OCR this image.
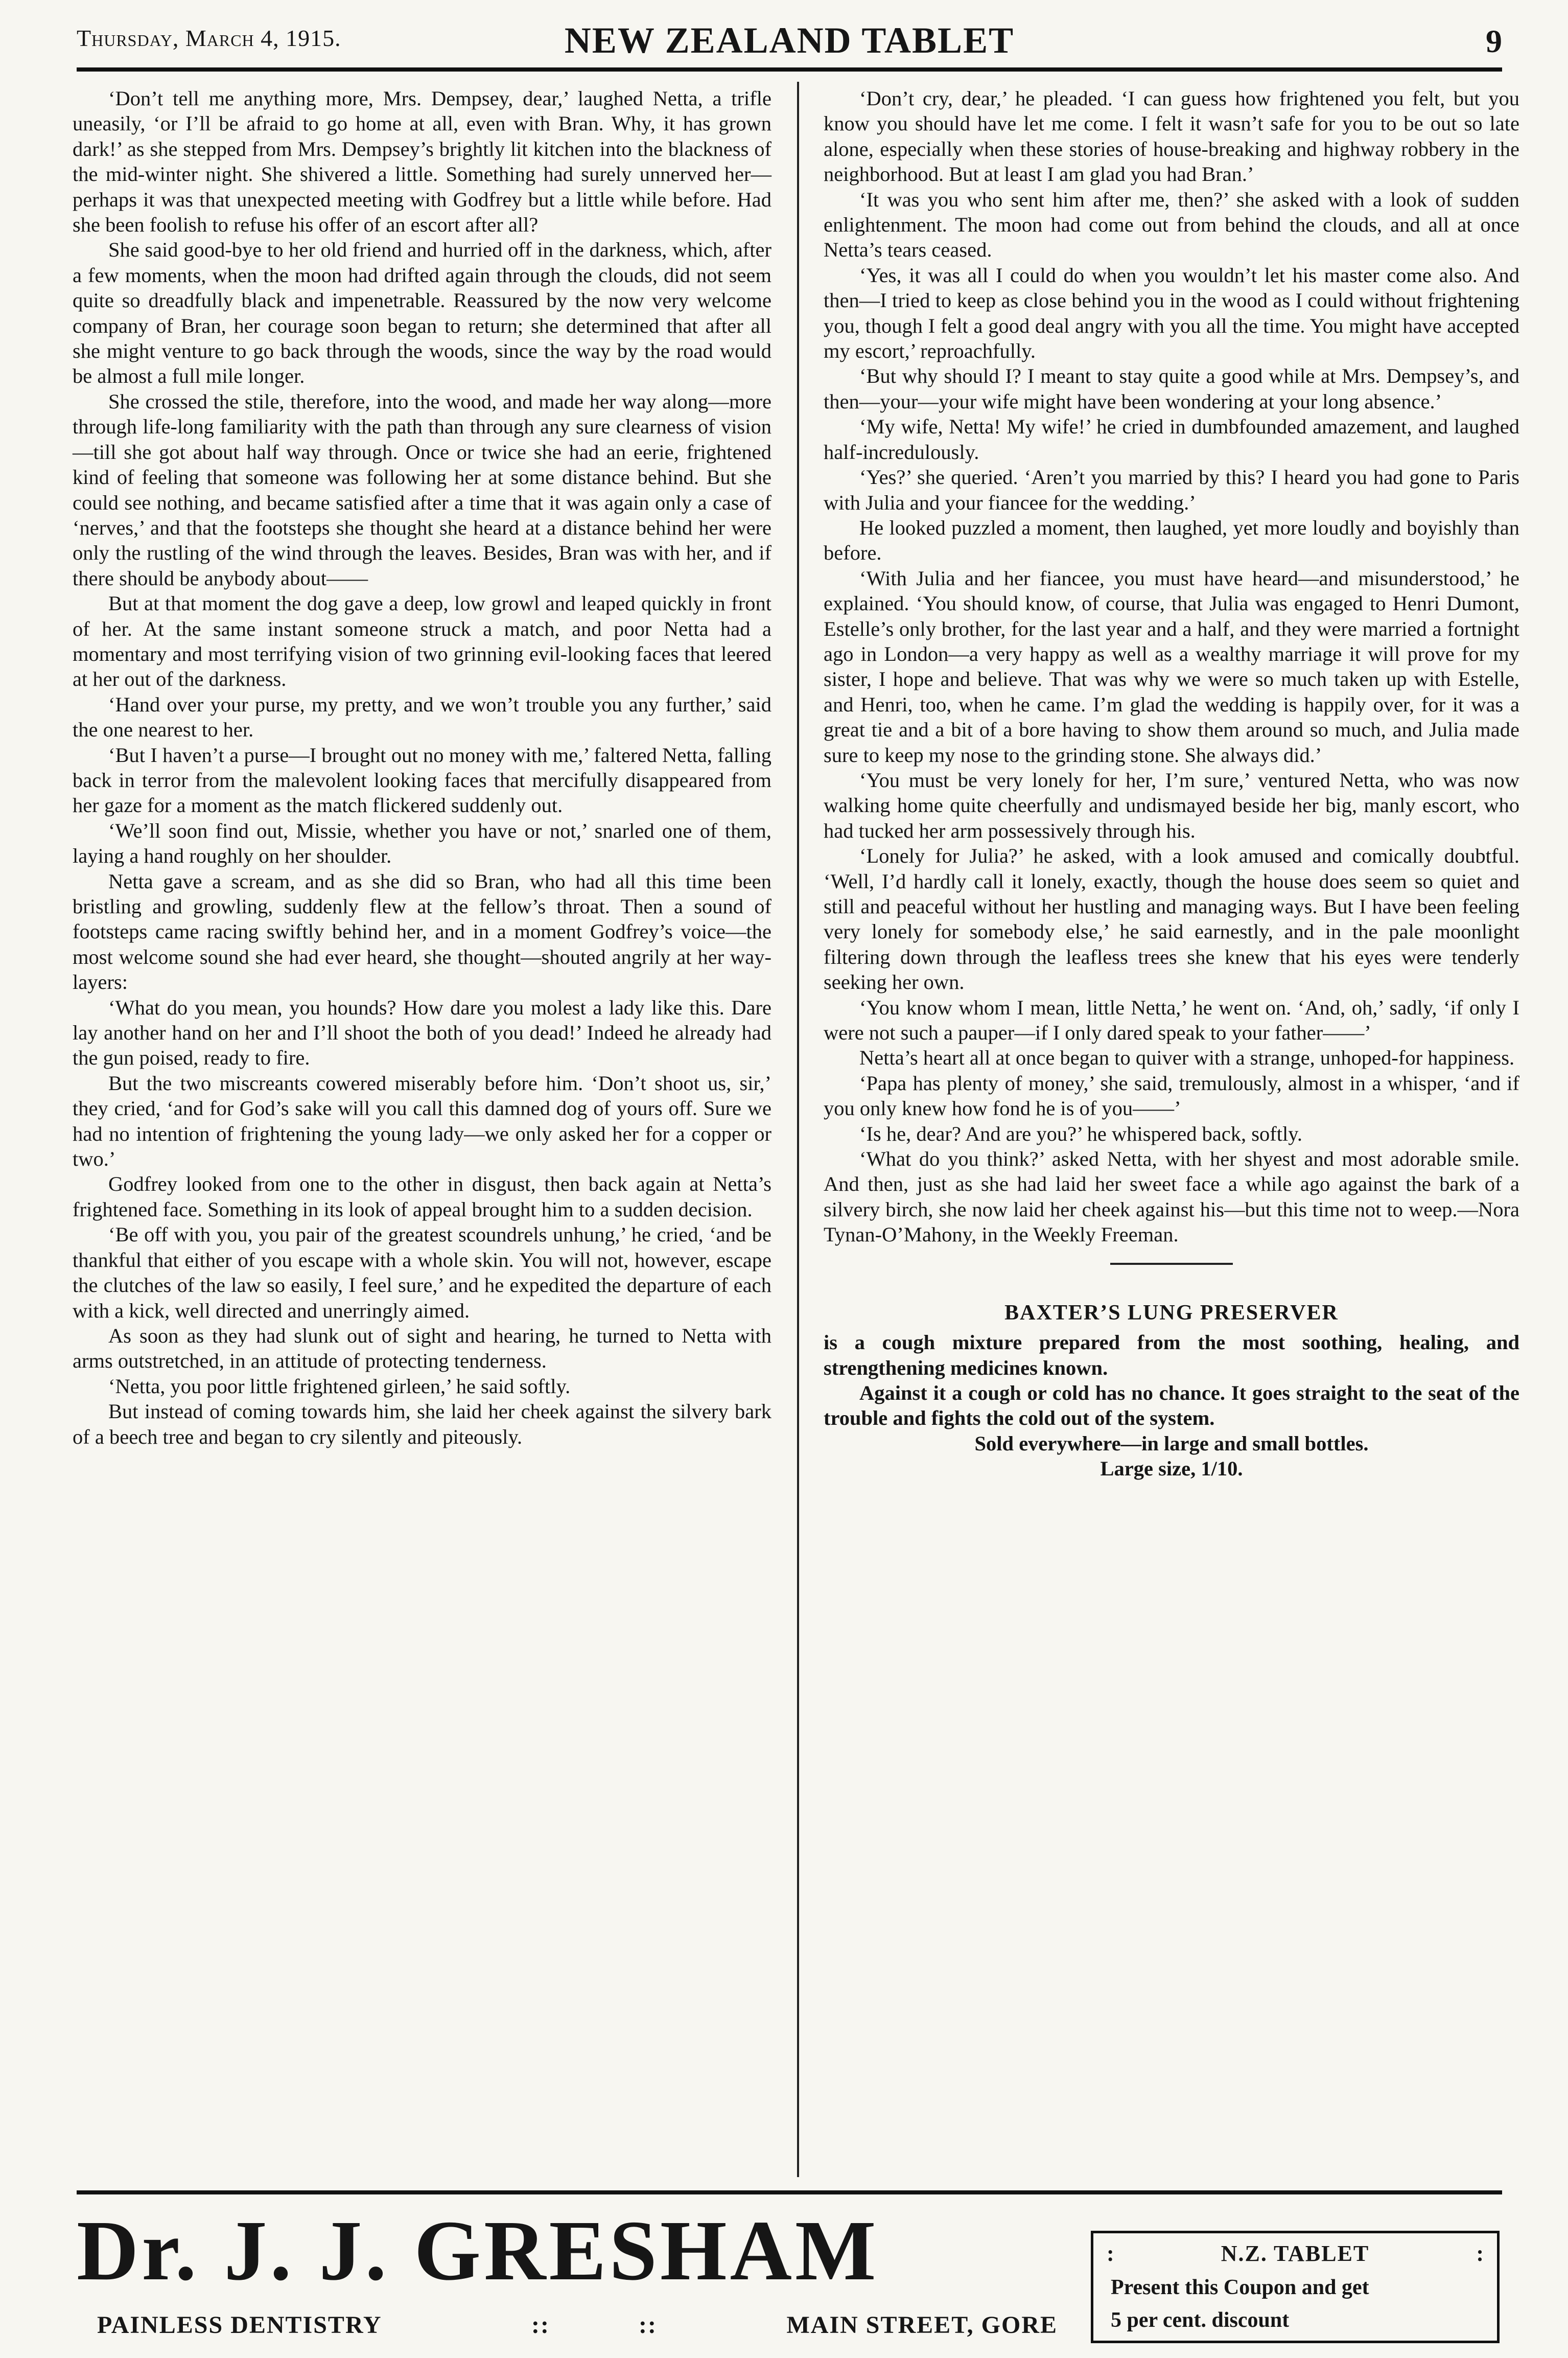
Thursday, March 4, 1915.	NEW ZEALAND TABLET	9

‘Don’t tell me anything more, Mrs. Dempsey, dear,’ laughed Netta, a trifle uneasily, ‘or I’ll be afraid to go home at all, even with Bran. Why, it has grown dark!’ as she stepped from Mrs. Dempsey’s brightly lit kitchen into the blackness of the mid-winter night. She shivered a little. Something had surely unnerved her—perhaps it was that unexpected meeting with Godfrey but a little while before. Had she been foolish to refuse his offer of an escort after all?

She said good-bye to her old friend and hurried off in the darkness, which, after a few moments, when the moon had drifted again through the clouds, did not seem quite so dreadfully black and impenetrable. Reassured by the now very welcome company of Bran, her courage soon began to return; she determined that after all she might venture to go back through the woods, since the way by the road would be almost a full mile longer.

She crossed the stile, therefore, into the wood, and made her way along—more through life-long familiarity with the path than through any sure clearness of vision—till she got about half way through. Once or twice she had an eerie, frightened kind of feeling that someone was following her at some distance behind. But she could see nothing, and became satisfied after a time that it was again only a case of ‘nerves,’ and that the footsteps she thought she heard at a distance behind her were only the rustling of the wind through the leaves. Besides, Bran was with her, and if there should be anybody about——

But at that moment the dog gave a deep, low growl and leaped quickly in front of her. At the same instant someone struck a match, and poor Netta had a momentary and most terrifying vision of two grinning evil-looking faces that leered at her out of the darkness.

‘Hand over your purse, my pretty, and we won’t trouble you any further,’ said the one nearest to her.

‘But I haven’t a purse—I brought out no money with me,’ faltered Netta, falling back in terror from the malevolent looking faces that mercifully disappeared from her gaze for a moment as the match flickered suddenly out.

‘We’ll soon find out, Missie, whether you have or not,’ snarled one of them, laying a hand roughly on her shoulder.

Netta gave a scream, and as she did so Bran, who had all this time been bristling and growling, suddenly flew at the fellow’s throat. Then a sound of footsteps came racing swiftly behind her, and in a moment Godfrey’s voice—the most welcome sound she had ever heard, she thought—shouted angrily at her way-layers:

‘What do you mean, you hounds? How dare you molest a lady like this. Dare lay another hand on her and I’ll shoot the both of you dead!’ Indeed he already had the gun poised, ready to fire.

But the two miscreants cowered miserably before him. ‘Don’t shoot us, sir,’ they cried, ‘and for God’s sake will you call this damned dog of yours off. Sure we had no intention of frightening the young lady—we only asked her for a copper or two.’

Godfrey looked from one to the other in disgust, then back again at Netta’s frightened face. Something in its look of appeal brought him to a sudden decision.

‘Be off with you, you pair of the greatest scoundrels unhung,’ he cried, ‘and be thankful that either of you escape with a whole skin. You will not, however, escape the clutches of the law so easily, I feel sure,’ and he expedited the departure of each with a kick, well directed and unerringly aimed.

As soon as they had slunk out of sight and hearing, he turned to Netta with arms outstretched, in an attitude of protecting tenderness.

‘Netta, you poor little frightened girleen,’ he said softly.

But instead of coming towards him, she laid her cheek against the silvery bark of a beech tree and began to cry silently and piteously.

‘Don’t cry, dear,’ he pleaded. ‘I can guess how frightened you felt, but you know you should have let me come. I felt it wasn’t safe for you to be out so late alone, especially when these stories of house-breaking and highway robbery in the neighborhood. But at least I am glad you had Bran.’

‘It was you who sent him after me, then?’ she asked with a look of sudden enlightenment. The moon had come out from behind the clouds, and all at once Netta’s tears ceased.

‘Yes, it was all I could do when you wouldn’t let his master come also. And then—I tried to keep as close behind you in the wood as I could without frightening you, though I felt a good deal angry with you all the time. You might have accepted my escort,’ reproachfully.

‘But why should I? I meant to stay quite a good while at Mrs. Dempsey’s, and then—your—your wife might have been wondering at your long absence.’

‘My wife, Netta! My wife!’ he cried in dumbfounded amazement, and laughed half-incredulously.

‘Yes?’ she queried. ‘Aren’t you married by this? I heard you had gone to Paris with Julia and your fiancee for the wedding.’

He looked puzzled a moment, then laughed, yet more loudly and boyishly than before.

‘With Julia and her fiancee, you must have heard—and misunderstood,’ he explained. ‘You should know, of course, that Julia was engaged to Henri Dumont, Estelle’s only brother, for the last year and a half, and they were married a fortnight ago in London—a very happy as well as a wealthy marriage it will prove for my sister, I hope and believe. That was why we were so much taken up with Estelle, and Henri, too, when he came. I’m glad the wedding is happily over, for it was a great tie and a bit of a bore having to show them around so much, and Julia made sure to keep my nose to the grinding stone. She always did.’

‘You must be very lonely for her, I’m sure,’ ventured Netta, who was now walking home quite cheerfully and undismayed beside her big, manly escort, who had tucked her arm possessively through his.

‘Lonely for Julia?’ he asked, with a look amused and comically doubtful. ‘Well, I’d hardly call it lonely, exactly, though the house does seem so quiet and still and peaceful without her hustling and managing ways. But I have been feeling very lonely for somebody else,’ he said earnestly, and in the pale moonlight filtering down through the leafless trees she knew that his eyes were tenderly seeking her own.

‘You know whom I mean, little Netta,’ he went on. ‘And, oh,’ sadly, ‘if only I were not such a pauper—if I only dared speak to your father——’

Netta’s heart all at once began to quiver with a strange, unhoped-for happiness.

‘Papa has plenty of money,’ she said, tremulously, almost in a whisper, ‘and if you only knew how fond he is of you——’

‘Is he, dear? And are you?’ he whispered back, softly.

‘What do you think?’ asked Netta, with her shyest and most adorable smile. And then, just as she had laid her sweet face a while ago against the bark of a silvery birch, she now laid her cheek against his—but this time not to weep.—Nora Tynan-O’Mahony, in the Weekly Freeman.

BAXTER’S LUNG PRESERVER

is a cough mixture prepared from the most soothing, healing, and strengthening medicines known.

Against it a cough or cold has no chance. It goes straight to the seat of the trouble and fights the cold out of the system.

Sold everywhere—in large and small bottles.

Large size, 1/10.

Dr. J. J. GRESHAM
PAINLESS DENTISTRY	::	::	MAIN STREET, GORE
:	N.Z. TABLET	:
Present this Coupon and get
5 per cent. discount
